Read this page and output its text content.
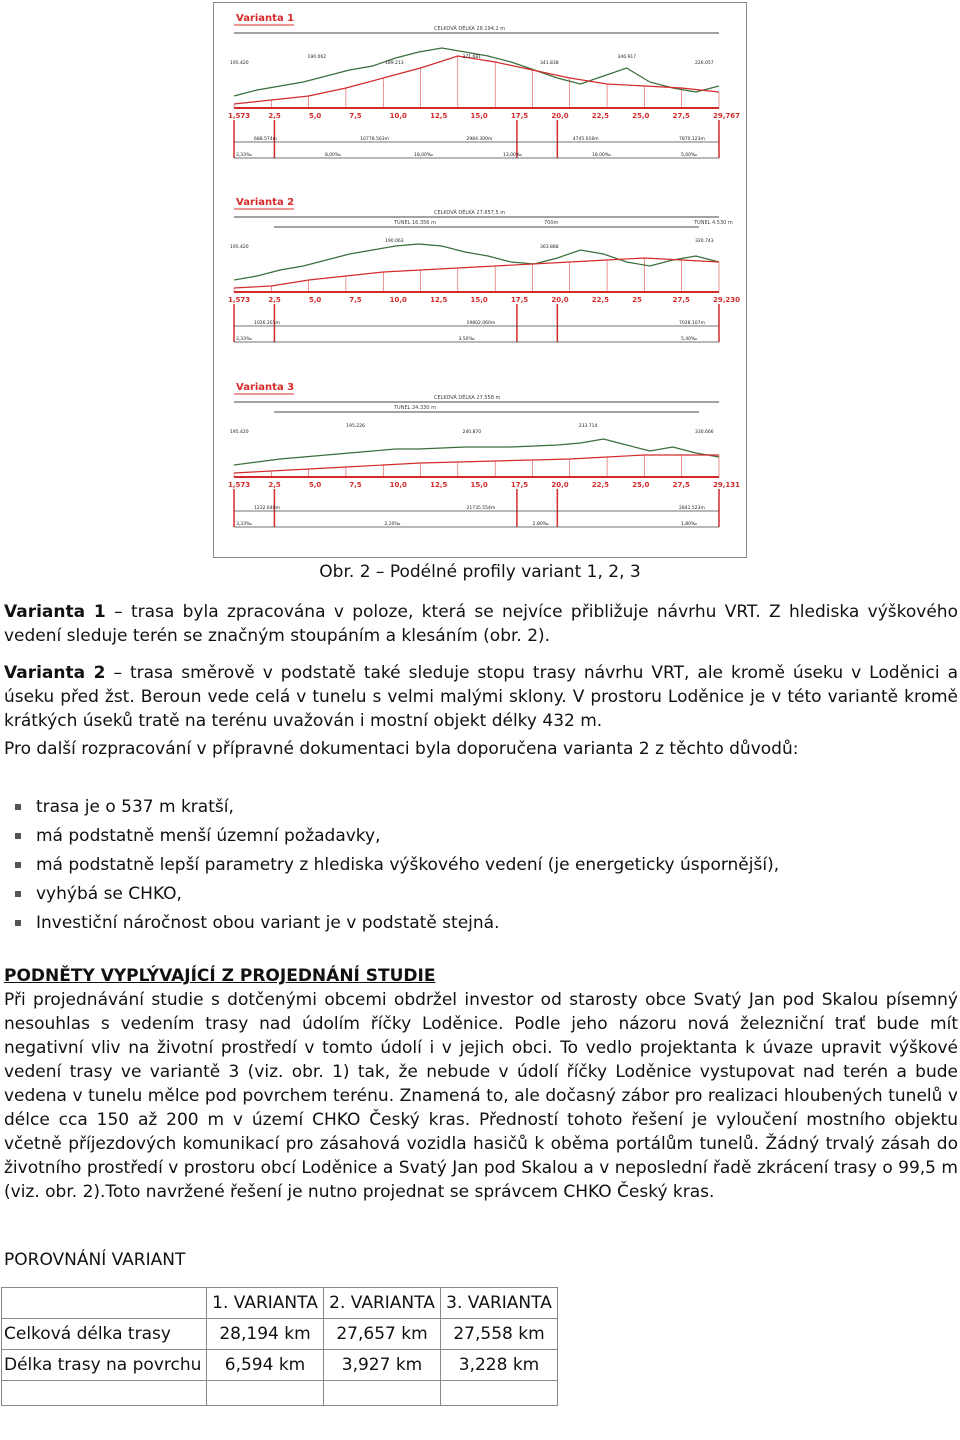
Varianta 1
CELKOVÁ DÉLKA 28.194,2 m
1,573	2,5	5,0	7,5	10,0	12,5	15,0	17,5	20,0	22,5	25,0	27,5	29,767
195.420
190.062
189.213
371.681
341.838
346.917
226.057
688.574m	10778.563m	2984.300m	4745.018m	7870.123m
3,33‰	8,00‰	18,00‰	13,00‰	18,00‰	5,00‰
Varianta 2
CELKOVÁ DÉLKA 27.657,5 m
TUNEL 16.356 m	700m	TUNEL 4.530 m
1,573	2,5	5,0	7,5	10,0	12,5	15,0	17,5	20,0	22,5	25	27,5	29,230
195.420
190.063
363.888
320.743
1026.201m	19802.060m	7028.107m
3,33‰	3,50‰	5,40‰
Varianta 3
CELKOVÁ DÉLKA 27.558 m
TUNEL 24.330 m
1,573	2,5	5,0	7,5	10,0	12,5	15,0	17,5	20,0	22,5	25,0	27,5	29,131
195.420
195.226
240.870
233.714
330.666
1232.640m	21735.554m	2841.523m
3,33‰	2,10‰	2,80‰	1,80‰
Obr. 2 – Podélné profily variant 1, 2, 3
Varianta 1 – trasa byla zpracována v poloze, která se nejvíce přibližuje návrhu VRT. Z hlediska výškového vedení sleduje terén se značným stoupáním a klesáním (obr. 2).
Varianta 2 – trasa směrově v podstatě také sleduje stopu trasy návrhu VRT, ale kromě úseku v Loděnici a úseku před žst. Beroun vede celá v tunelu s velmi malými sklony. V prostoru Loděnice je v této variantě kromě krátkých úseků tratě na terénu uvažován i mostní objekt délky 432 m.
Pro další rozpracování v přípravné dokumentaci byla doporučena varianta 2 z těchto důvodů:
trasa je o 537 m kratší,
má podstatně menší územní požadavky,
má podstatně lepší parametry z hlediska výškového vedení (je energeticky úspornější),
vyhýbá se CHKO,
Investiční náročnost obou variant je v podstatě stejná.
PODNĚTY VYPLÝVAJÍCÍ Z PROJEDNÁNÍ STUDIE
Při projednávání studie s dotčenými obcemi obdržel investor od starosty obce Svatý Jan pod Skalou písemný nesouhlas s vedením trasy nad údolím říčky Loděnice. Podle jeho názoru nová železniční trať bude mít negativní vliv na životní prostředí v tomto údolí i v jejich obci. To vedlo projektanta k úvaze upravit výškové vedení trasy ve variantě 3 (viz. obr. 1) tak, že nebude v údolí říčky Loděnice vystupovat nad terén a bude vedena v tunelu mělce pod povrchem terénu. Znamená to, ale dočasný zábor pro realizaci hloubených tunelů v délce cca 150 až 200 m v území CHKO Český kras. Předností tohoto řešení je vyloučení mostního objektu včetně příjezdových komunikací pro zásahová vozidla hasičů k oběma portálům tunelů. Žádný trvalý zásah do životního prostředí v prostoru obcí Loděnice a Svatý Jan pod Skalou a v neposlední řadě zkrácení trasy o 99,5 m (viz. obr. 2).Toto navržené řešení je nutno projednat se správcem CHKO Český kras.
POROVNÁNÍ VARIANT
	1. VARIANTA	2. VARIANTA	3. VARIANTA
Celková délka trasy	28,194 km	27,657 km	27,558 km
Délka trasy na povrchu	6,594 km	3,927 km	3,228 km
